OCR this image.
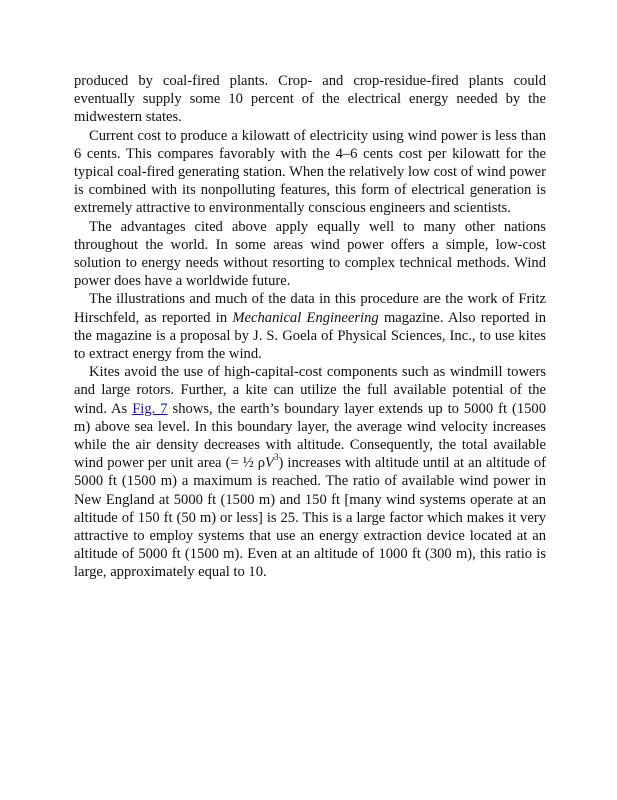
produced by coal-fired plants. Crop- and crop-residue-fired plants could eventually supply some 10 percent of the electrical energy needed by the midwestern states.

Current cost to produce a kilowatt of electricity using wind power is less than 6 cents. This compares favorably with the 4–6 cents cost per kilowatt for the typical coal-fired generating station. When the relatively low cost of wind power is combined with its nonpolluting features, this form of electrical generation is extremely attractive to environmentally conscious engineers and scientists.

The advantages cited above apply equally well to many other nations throughout the world. In some areas wind power offers a simple, low-cost solution to energy needs without resorting to complex technical methods. Wind power does have a worldwide future.

The illustrations and much of the data in this procedure are the work of Fritz Hirschfeld, as reported in Mechanical Engineering magazine. Also reported in the magazine is a proposal by J. S. Goela of Physical Sciences, Inc., to use kites to extract energy from the wind.

Kites avoid the use of high-capital-cost components such as windmill towers and large rotors. Further, a kite can utilize the full available potential of the wind. As Fig. 7 shows, the earth’s boundary layer extends up to 5000 ft (1500 m) above sea level. In this boundary layer, the average wind velocity increases while the air density decreases with altitude. Consequently, the total available wind power per unit area (= ½ $\rho V^3$) increases with altitude until at an altitude of 5000 ft (1500 m) a maximum is reached. The ratio of available wind power in New England at 5000 ft (1500 m) and 150 ft [many wind systems operate at an altitude of 150 ft (50 m) or less] is 25. This is a large factor which makes it very attractive to employ systems that use an energy extraction device located at an altitude of 5000 ft (1500 m). Even at an altitude of 1000 ft (300 m), this ratio is large, approximately equal to 10.
